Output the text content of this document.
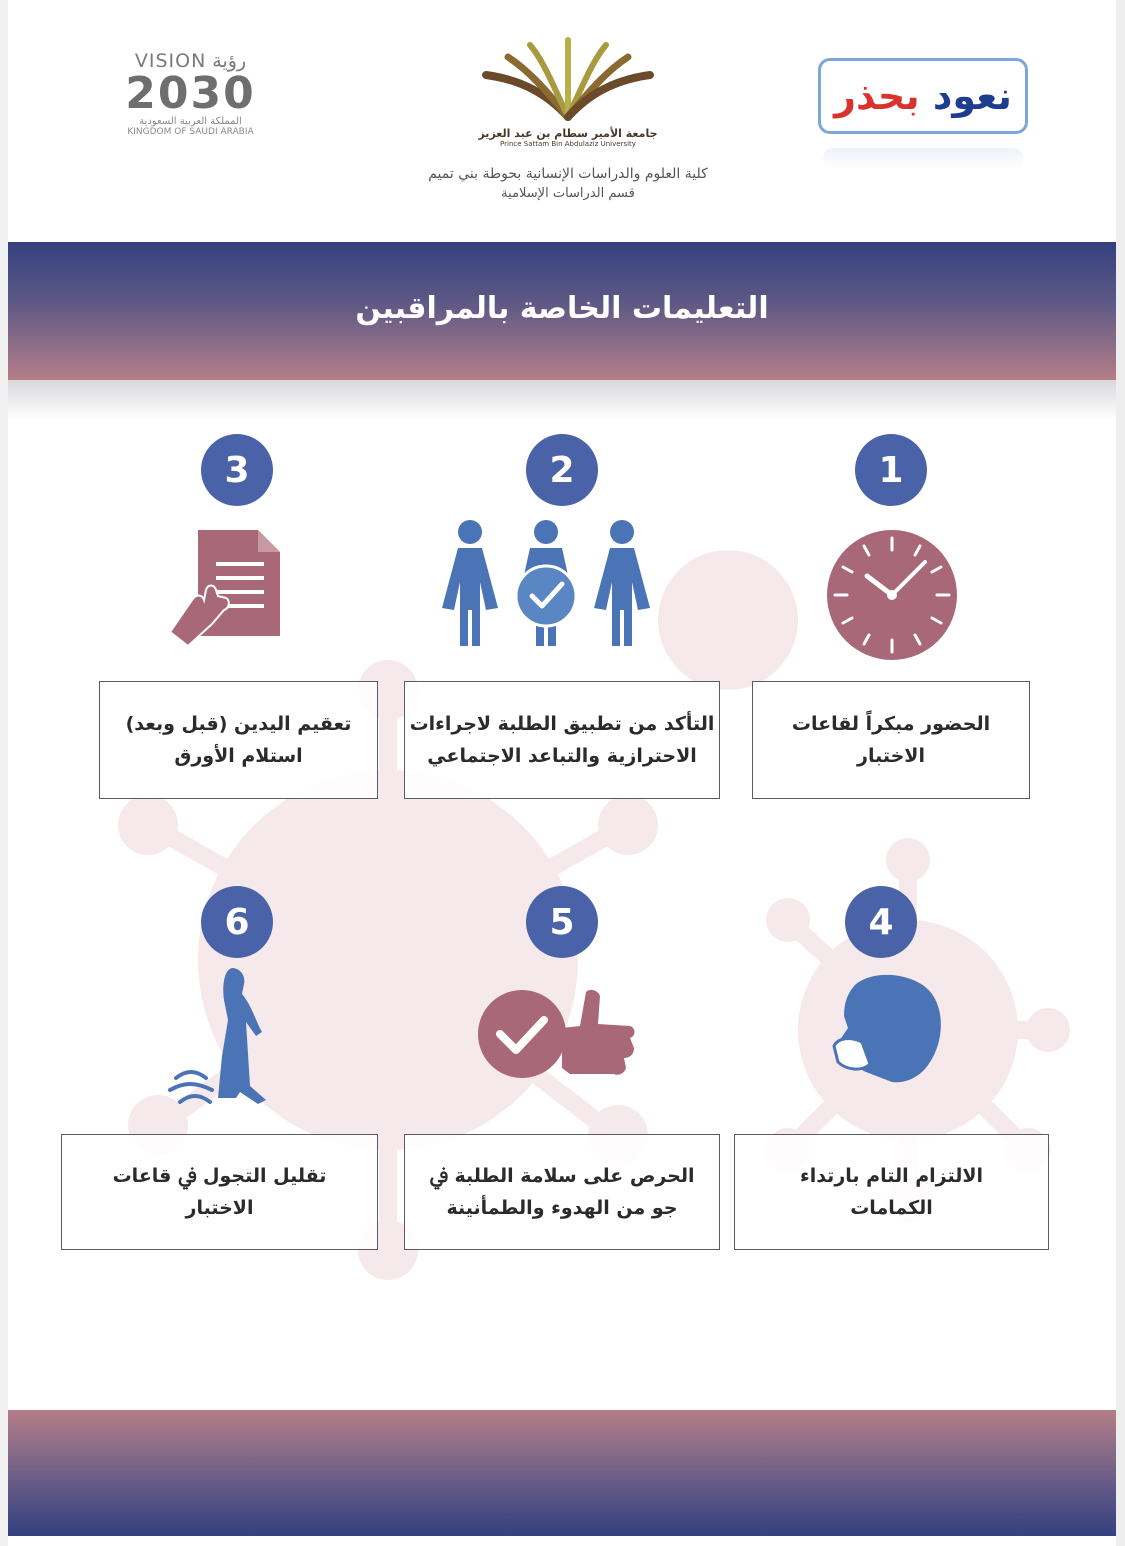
VISION رؤية
2030
المملكة العربية السعودية
KINGDOM OF SAUDI ARABIA	جامعة الأمير سطام بن عبد العزيز
Prince Sattam Bin Abdulaziz University
كلية العلوم والدراسات الإنسانية بحوطة بني تميم
قسم الدراسات الإسلامية
نعود بحذر
التعليمات الخاصة بالمراقبين
1
الحضور مبكراً لقاعات
الاختبار
2
التأكد من تطبيق الطلبة لاجراءات
الاحترازية والتباعد الاجتماعي
3
تعقيم اليدين (قبل وبعد)
استلام الأورق
4
الالتزام التام بارتداء
الكمامات
5
الحرص على سلامة الطلبة ﰲ
جو من الهدوء والطمأنينة
6
تقليل التجول ﰲ قاعات
الاختبار
